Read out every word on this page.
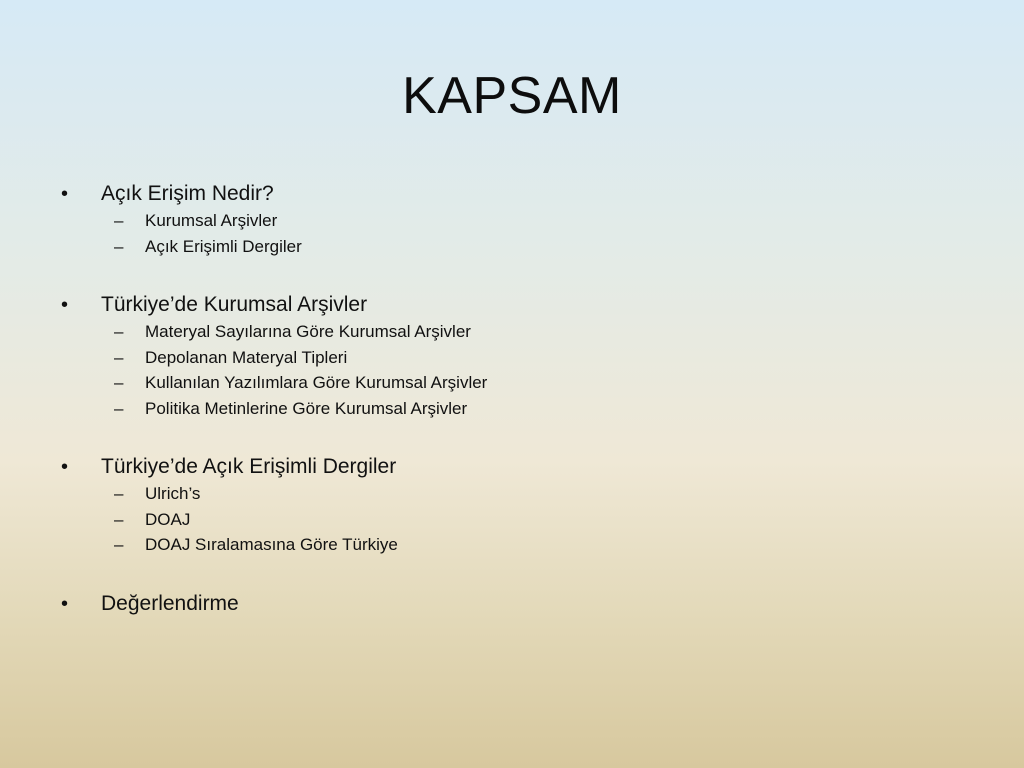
KAPSAM
•	Açık Erişim Nedir?
–	Kurumsal Arşivler
–	Açık Erişimli Dergiler
•	Türkiye’de Kurumsal Arşivler
–	Materyal Sayılarına Göre Kurumsal Arşivler
–	Depolanan Materyal Tipleri
–	Kullanılan Yazılımlara Göre Kurumsal Arşivler
–	Politika Metinlerine Göre Kurumsal Arşivler
•	Türkiye’de Açık Erişimli Dergiler
–	Ulrich’s
–	DOAJ
–	DOAJ Sıralamasına Göre Türkiye
•	Değerlendirme
